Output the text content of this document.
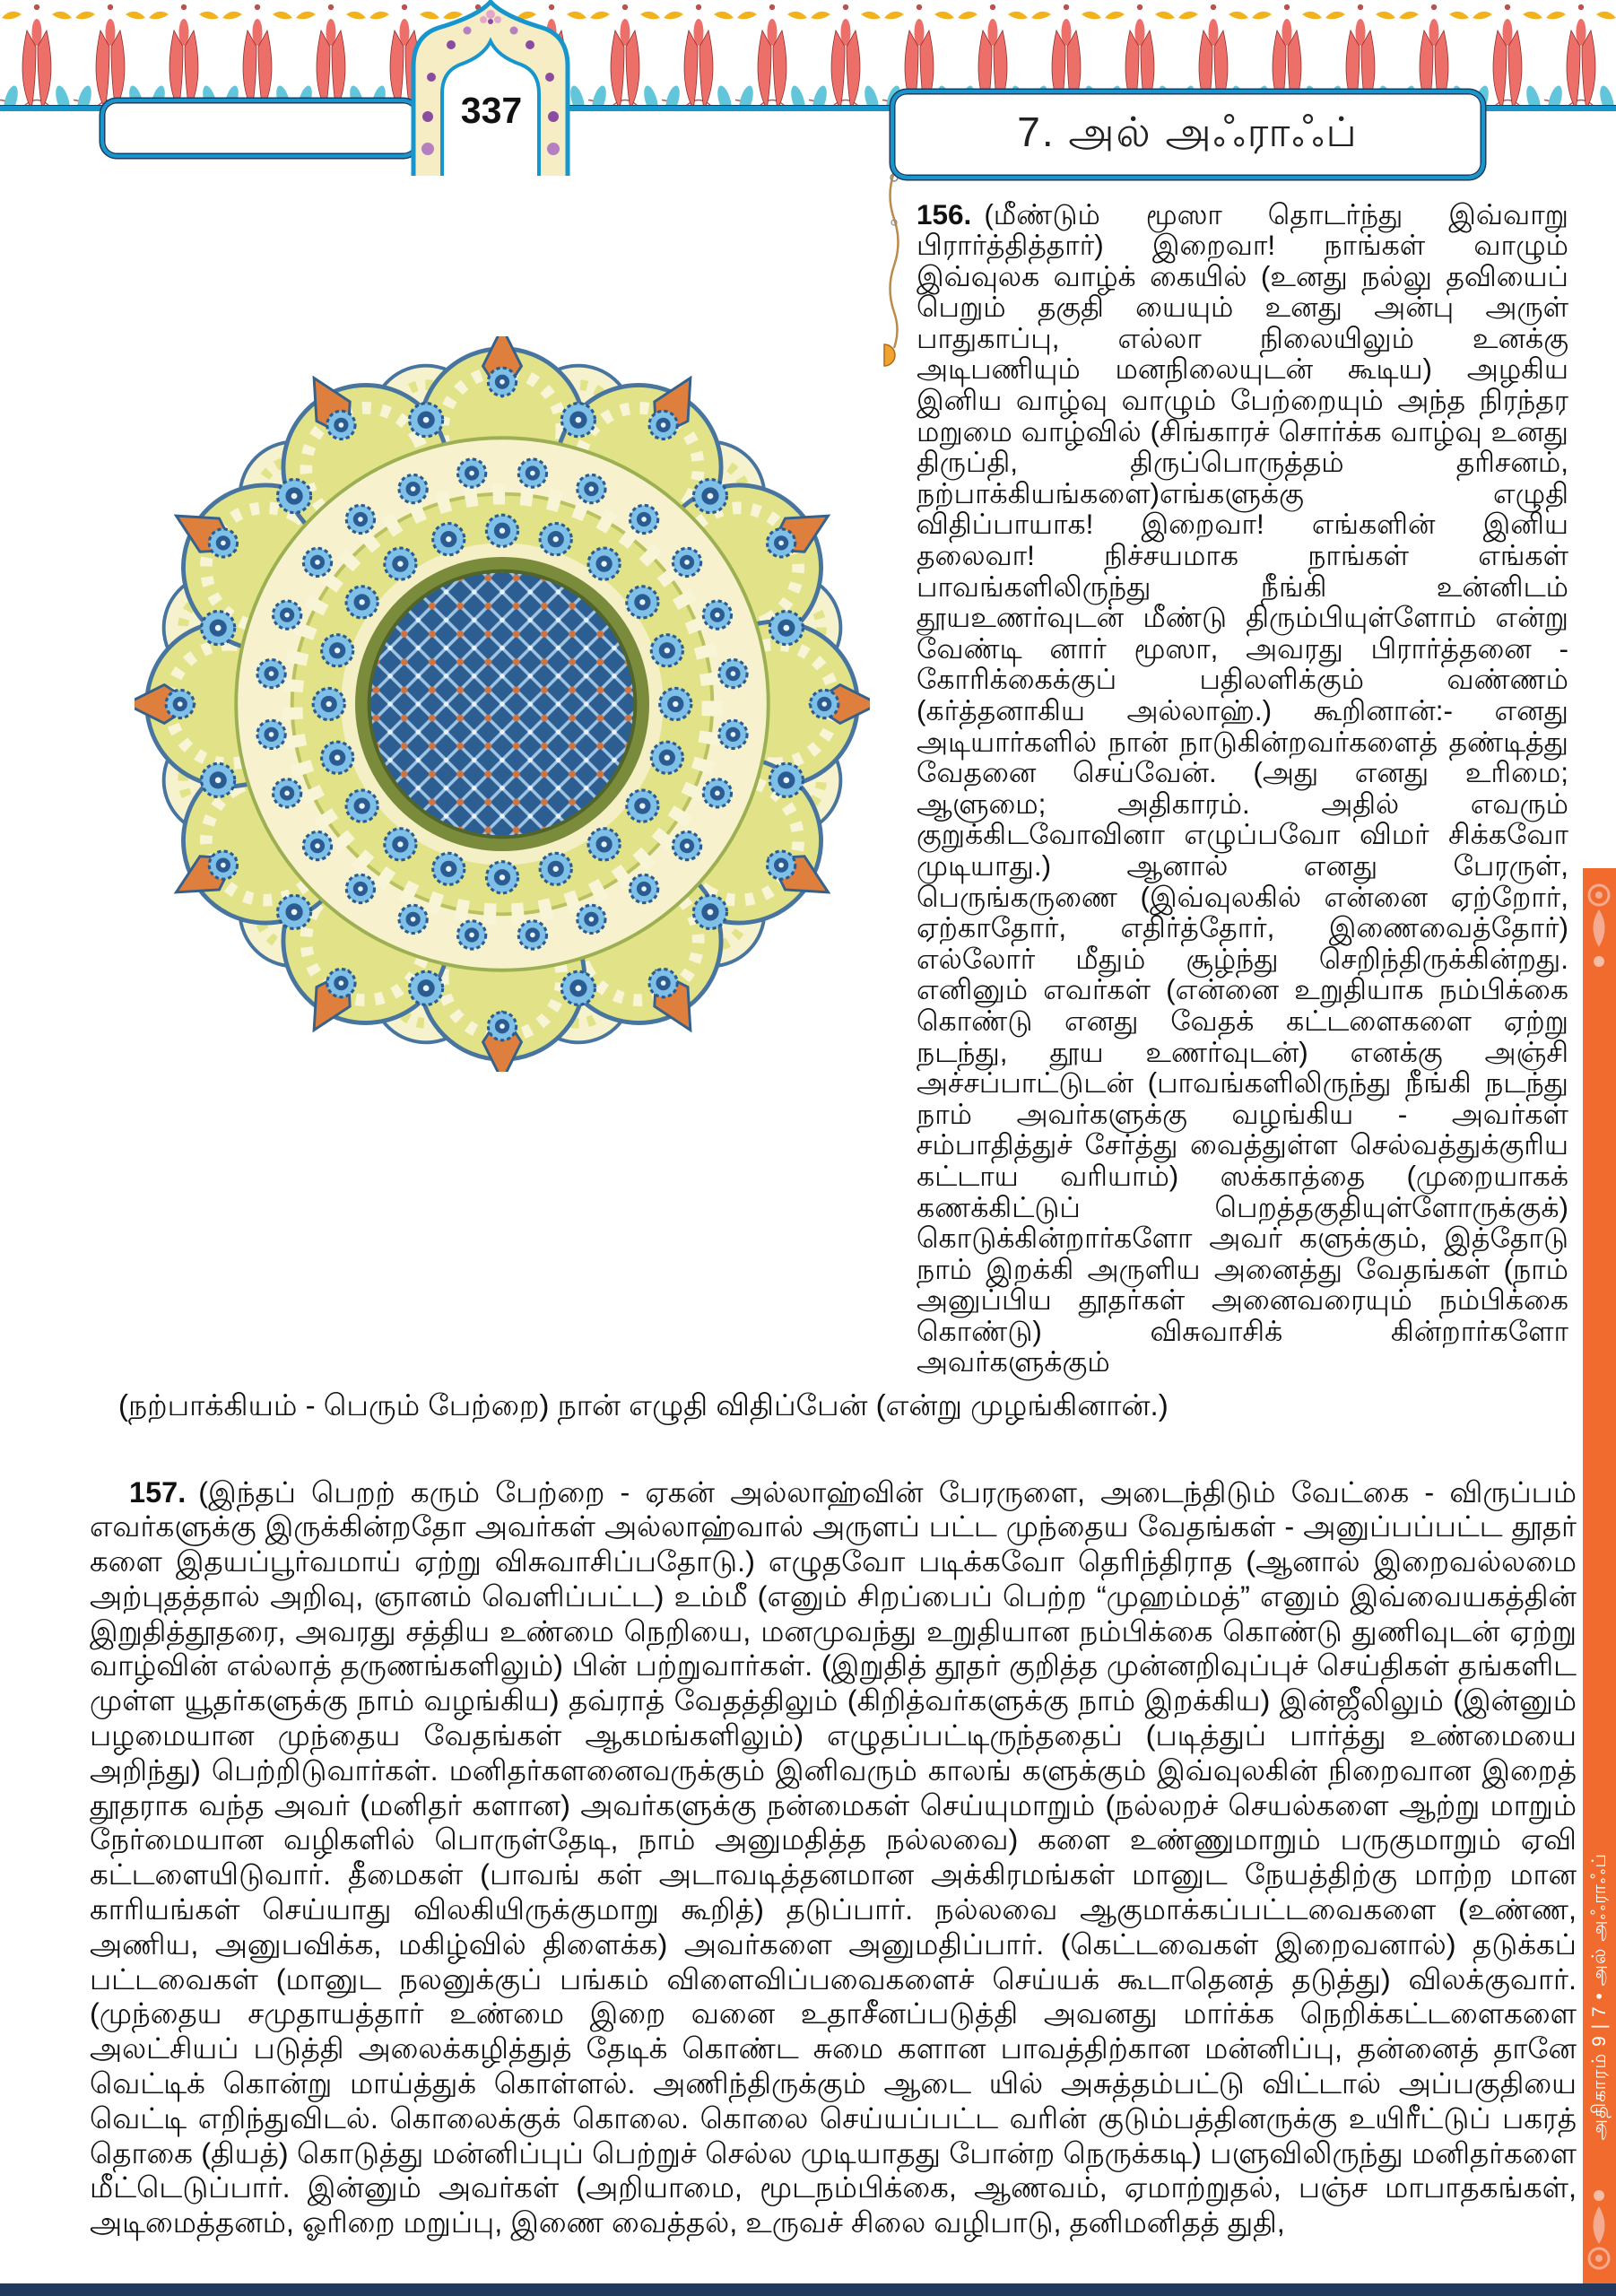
337	7. அல் அஃராஃப்

156. (மீண்டும் மூஸா தொடர்ந்து இவ்வாறு பிரார்த்தித்தார்) இறைவா! நாங்கள் வாழும் இவ்வுலக வாழ்க் கையில் (உனது நல்லு தவியைப் பெறும் தகுதி யையும் உனது அன்பு அருள் பாதுகாப்பு, எல்லா நிலையிலும் உனக்கு அடிபணியும் மனநிலையுடன் கூடிய) அழகிய இனிய வாழ்வு வாழும் பேற்றையும் அந்த நிரந்தர மறுமை வாழ்வில் (சிங்காரச் சொர்க்க வாழ்வு உனது திருப்தி, திருப்பொருத்தம் தரிசனம், நற்பாக்கியங்களை)எங்களுக்கு எழுதி விதிப்பாயாக! இறைவா! எங்களின் இனிய தலைவா! நிச்சயமாக நாங்கள் எங்கள் பாவங்களிலிருந்து நீங்கி உன்னிடம் தூயஉணர்வுடன் மீண்டு திரும்பியுள்ளோம் என்று வேண்டி னார் மூஸா, அவரது பிரார்த்தனை - கோரிக்கைக்குப் பதிலளிக்கும் வண்ணம் (கர்த்தனாகிய அல்லாஹ்.) கூறினான்:- எனது அடியார்களில் நான் நாடுகின்றவர்களைத் தண்டித்து வேதனை செய்வேன். (அது எனது உரிமை; ஆளுமை; அதிகாரம். அதில் எவரும் குறுக்கிடவோவினா எழுப்பவோ விமர் சிக்கவோ முடியாது.) ஆனால் எனது பேரருள், பெருங்கருணை (இவ்வுலகில் என்னை ஏற்றோர், ஏற்காதோர், எதிர்த்தோர், இணைவைத்தோர்) எல்லோர் மீதும் சூழ்ந்து செறிந்திருக்கின்றது. எனினும் எவர்கள் (என்னை உறுதியாக நம்பிக்கை கொண்டு எனது வேதக் கட்டளைகளை ஏற்று நடந்து, தூய உணர்வுடன்) எனக்கு அஞ்சி அச்சப்பாட்டுடன் (பாவங்களிலிருந்து நீங்கி நடந்து நாம் அவர்களுக்கு வழங்கிய - அவர்கள் சம்பாதித்துச் சேர்த்து வைத்துள்ள செல்வத்துக்குரிய கட்டாய வரியாம்) ஸக்காத்தை (முறையாகக் கணக்கிட்டுப் பெறத்தகுதியுள்ளோருக்குக்) கொடுக்கின்றார்களோ அவர் களுக்கும், இத்தோடு நாம் இறக்கி அருளிய அனைத்து வேதங்கள் (நாம் அனுப்பிய தூதர்கள் அனைவரையும் நம்பிக்கை கொண்டு) விசுவாசிக் கின்றார்களோ அவர்களுக்கும்

(நற்பாக்கியம் - பெரும் பேற்றை) நான் எழுதி விதிப்பேன் (என்று முழங்கினான்.)

157. (இந்தப் பெறற் கரும் பேற்றை - ஏகன் அல்லாஹ்வின் பேரருளை, அடைந்திடும் வேட்கை - விருப்பம் எவர்களுக்கு இருக்கின்றதோ அவர்கள் அல்லாஹ்வால் அருளப் பட்ட முந்தைய வேதங்கள் - அனுப்பப்பட்ட தூதர் களை இதயப்பூர்வமாய் ஏற்று விசுவாசிப்பதோடு.) எழுதவோ படிக்கவோ தெரிந்திராத (ஆனால் இறைவல்லமை அற்புதத்தால் அறிவு, ஞானம் வெளிப்பட்ட) உம்மீ (எனும் சிறப்பைப் பெற்ற “முஹம்மத்” எனும் இவ்வையகத்தின் இறுதித்தூதரை, அவரது சத்திய உண்மை நெறியை, மனமுவந்து உறுதியான நம்பிக்கை கொண்டு துணிவுடன் ஏற்று வாழ்வின் எல்லாத் தருணங்களிலும்) பின் பற்றுவார்கள். (இறுதித் தூதர் குறித்த முன்னறிவுப்புச் செய்திகள் தங்களிட முள்ள யூதர்களுக்கு நாம் வழங்கிய) தவ்ராத் வேதத்திலும் (கிறித்வர்களுக்கு நாம் இறக்கிய) இன்ஜீலிலும் (இன்னும் பழமையான முந்தைய வேதங்கள் ஆகமங்களிலும்) எழுதப்பட்டிருந்ததைப் (படித்துப் பார்த்து உண்மையை அறிந்து) பெற்றிடுவார்கள். மனிதர்களனைவருக்கும் இனிவரும் காலங் களுக்கும் இவ்வுலகின் நிறைவான இறைத் தூதராக வந்த அவர் (மனிதர் களான) அவர்களுக்கு நன்மைகள் செய்யுமாறும் (நல்லறச் செயல்களை ஆற்று மாறும் நேர்மையான வழிகளில் பொருள்தேடி, நாம் அனுமதித்த நல்லவை) களை உண்ணுமாறும் பருகுமாறும் ஏவி கட்டளையிடுவார். தீமைகள் (பாவங் கள் அடாவடித்தனமான அக்கிரமங்கள் மானுட நேயத்திற்கு மாற்ற மான காரியங்கள் செய்யாது விலகியிருக்குமாறு கூறித்) தடுப்பார். நல்லவை ஆகுமாக்கப்பட்டவைகளை (உண்ண, அணிய, அனுபவிக்க, மகிழ்வில் திளைக்க) அவர்களை அனுமதிப்பார். (கெட்டவைகள் இறைவனால்) தடுக்கப் பட்டவைகள் (மானுட நலனுக்குப் பங்கம் விளைவிப்பவைகளைச் செய்யக் கூடாதெனத் தடுத்து) விலக்குவார். (முந்தைய சமுதாயத்தார் உண்மை இறை வனை உதாசீனப்படுத்தி அவனது மார்க்க நெறிக்கட்டளைகளை அலட்சியப் படுத்தி அலைக்கழித்துத் தேடிக் கொண்ட சுமை களான பாவத்திற்கான மன்னிப்பு, தன்னைத் தானே வெட்டிக் கொன்று மாய்த்துக் கொள்ளல். அணிந்திருக்கும் ஆடை யில் அசுத்தம்பட்டு விட்டால் அப்பகுதியை வெட்டி எறிந்துவிடல். கொலைக்குக் கொலை. கொலை செய்யப்பட்ட வரின் குடும்பத்தினருக்கு உயிரீட்டுப் பகரத் தொகை (தியத்) கொடுத்து மன்னிப்புப் பெற்றுச் செல்ல முடியாதது போன்ற நெருக்கடி) பளுவிலிருந்து மனிதர்களை மீட்டெடுப்பார். இன்னும் அவர்கள் (அறியாமை, மூடநம்பிக்கை, ஆணவம், ஏமாற்றுதல், பஞ்ச மாபாதகங்கள், அடிமைத்தனம், ஓரிறை மறுப்பு, இணை வைத்தல், உருவச் சிலை வழிபாடு, தனிமனிதத் துதி,

அதிகாரம் 9 | 7 • அல் அஃராஃப்
